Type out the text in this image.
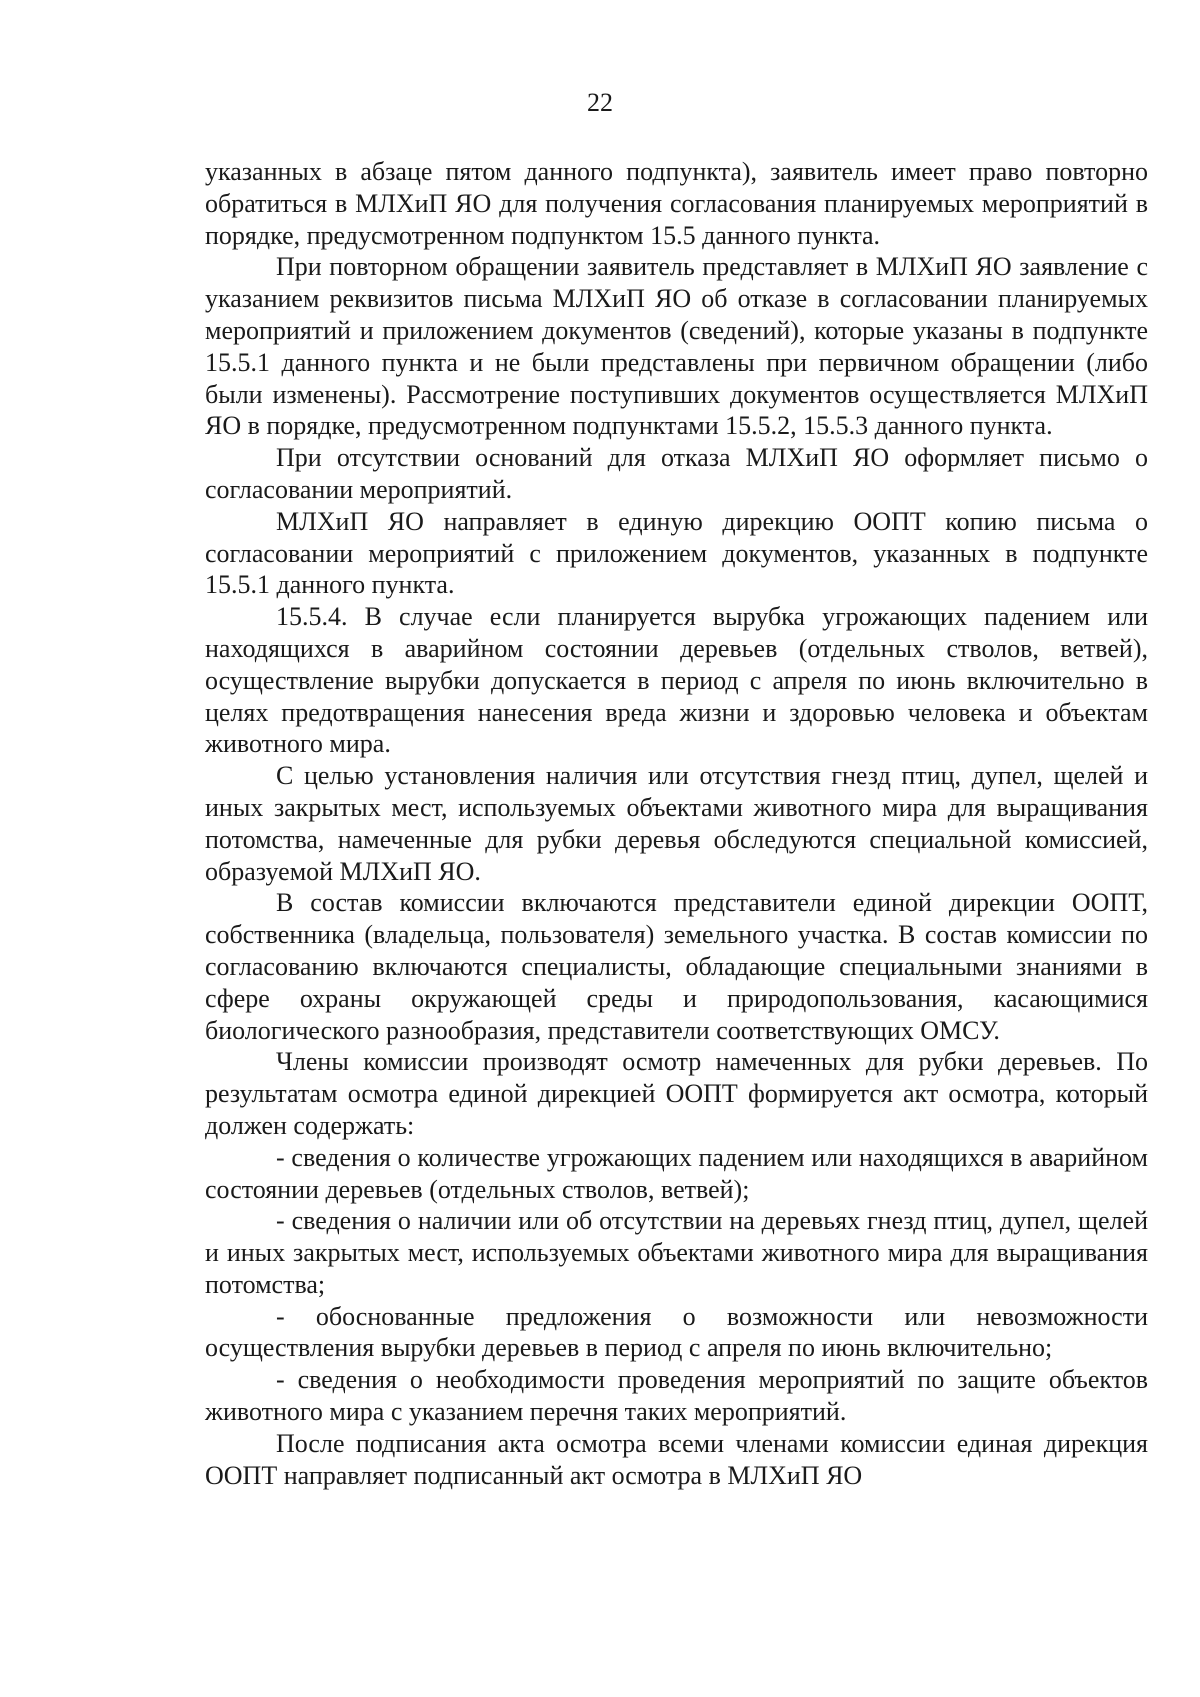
22

указанных в абзаце пятом данного подпункта), заявитель имеет право повторно обратиться в МЛХиП ЯО для получения согласования планируемых мероприятий в порядке, предусмотренном подпунктом 15.5 данного пункта.

При повторном обращении заявитель представляет в МЛХиП ЯО заявление с указанием реквизитов письма МЛХиП ЯО об отказе в согласовании планируемых мероприятий и приложением документов (сведений), которые указаны в подпункте 15.5.1 данного пункта и не были представлены при первичном обращении (либо были изменены). Рассмотрение поступивших документов осуществляется МЛХиП ЯО в порядке, предусмотренном подпунктами 15.5.2, 15.5.3 данного пункта.

При отсутствии оснований для отказа МЛХиП ЯО оформляет письмо о согласовании мероприятий.

МЛХиП ЯО направляет в единую дирекцию ООПТ копию письма о согласовании мероприятий с приложением документов, указанных в подпункте 15.5.1 данного пункта.

15.5.4. В случае если планируется вырубка угрожающих падением или находящихся в аварийном состоянии деревьев (отдельных стволов, ветвей), осуществление вырубки допускается в период с апреля по июнь включительно в целях предотвращения нанесения вреда жизни и здоровью человека и объектам животного мира.

С целью установления наличия или отсутствия гнезд птиц, дупел, щелей и иных закрытых мест, используемых объектами животного мира для выращивания потомства, намеченные для рубки деревья обследуются специальной комиссией, образуемой МЛХиП ЯО.

В состав комиссии включаются представители единой дирекции ООПТ, собственника (владельца, пользователя) земельного участка. В состав комиссии по согласованию включаются специалисты, обладающие специальными знаниями в сфере охраны окружающей среды и природопользования, касающимися биологического разнообразия, представители соответствующих ОМСУ.

Члены комиссии производят осмотр намеченных для рубки деревьев. По результатам осмотра единой дирекцией ООПТ формируется акт осмотра, который должен содержать:

- сведения о количестве угрожающих падением или находящихся в аварийном состоянии деревьев (отдельных стволов, ветвей);

- сведения о наличии или об отсутствии на деревьях гнезд птиц, дупел, щелей и иных закрытых мест, используемых объектами животного мира для выращивания потомства;

- обоснованные предложения о возможности или невозможности осуществления вырубки деревьев в период с апреля по июнь включительно;

- сведения о необходимости проведения мероприятий по защите объектов животного мира с указанием перечня таких мероприятий.

После подписания акта осмотра всеми членами комиссии единая дирекция ООПТ направляет подписанный акт осмотра в МЛХиП ЯО
